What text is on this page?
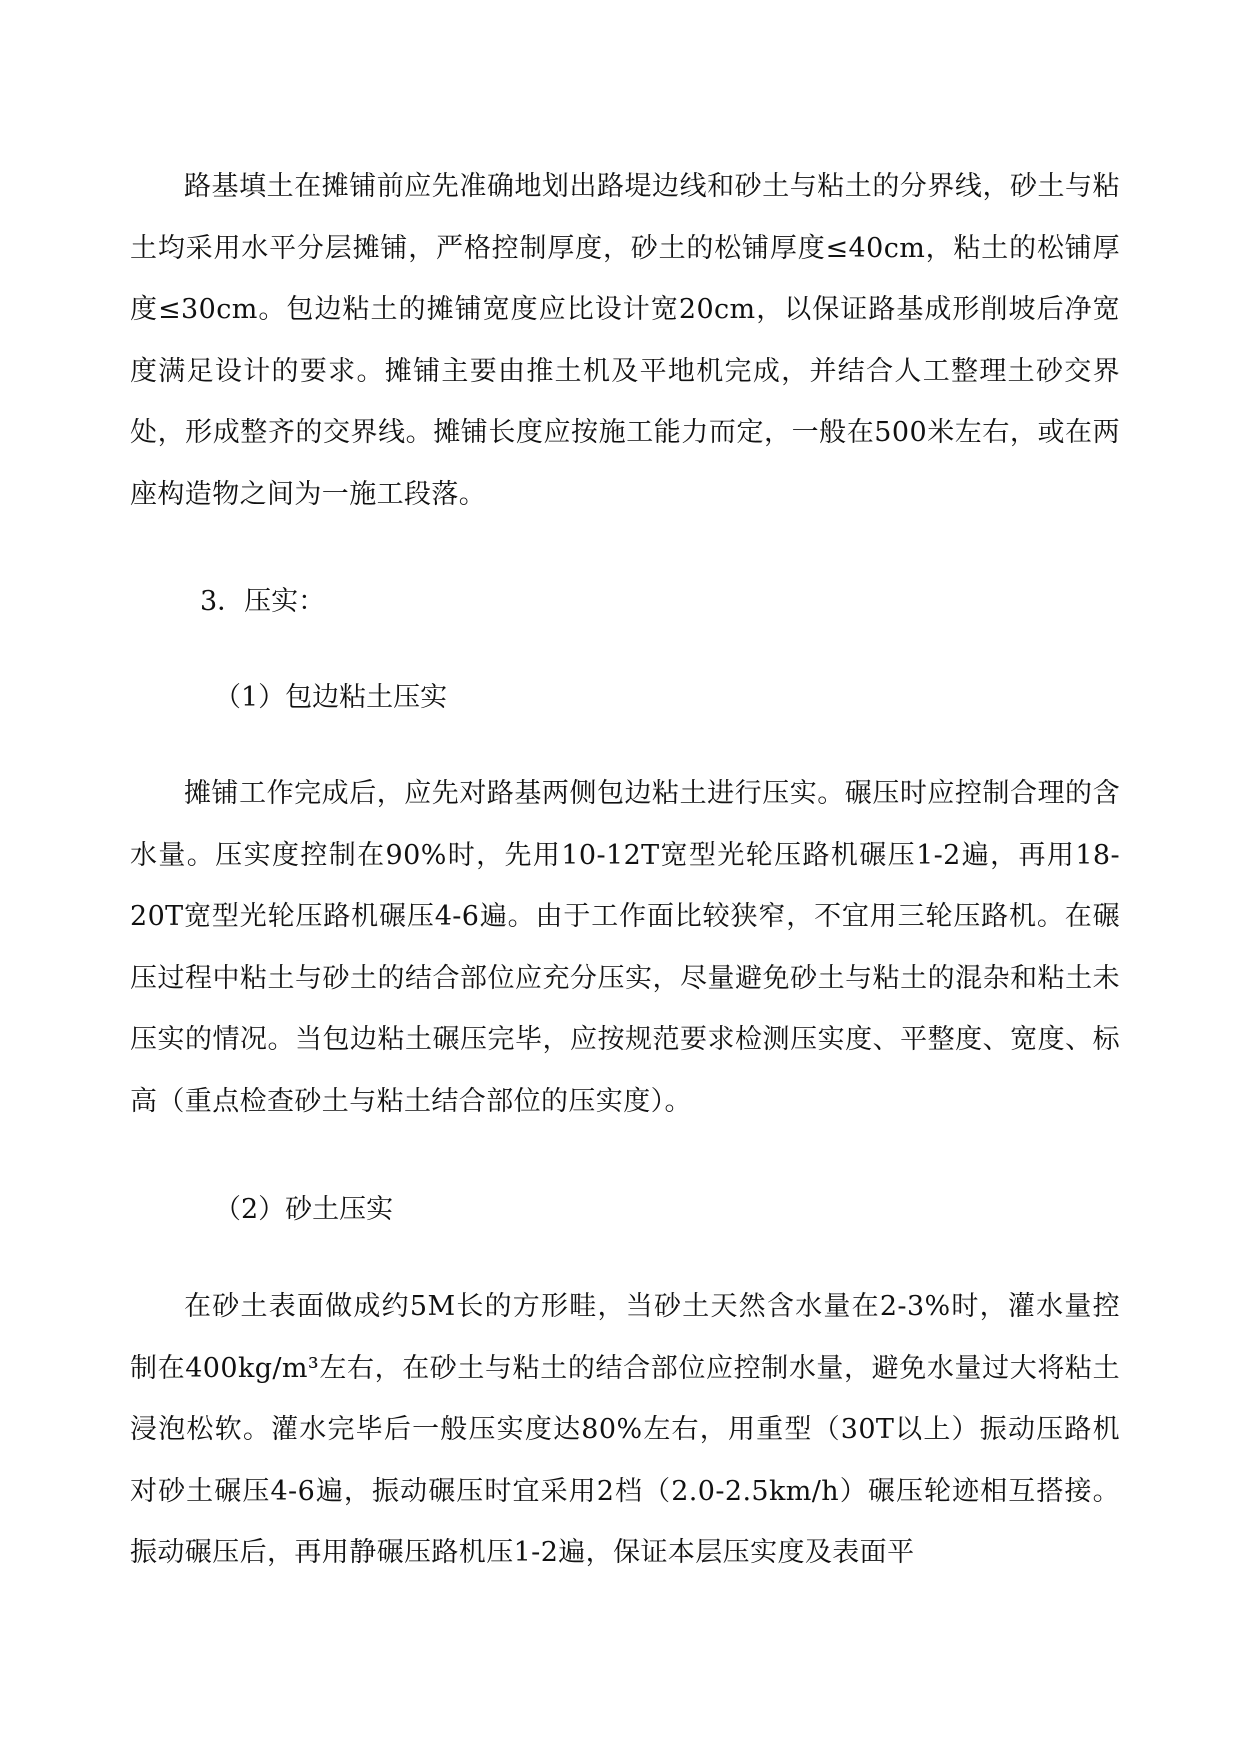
路基填土在摊铺前应先准确地划出路堤边线和砂土与粘土的分界线，砂土与粘土均采用水平分层摊铺，严格控制厚度，砂土的松铺厚度≤40cm，粘土的松铺厚度≤30cm。包边粘土的摊铺宽度应比设计宽20cm，以保证路基成形削坡后净宽度满足设计的要求。摊铺主要由推土机及平地机完成，并结合人工整理土砂交界处，形成整齐的交界线。摊铺长度应按施工能力而定，一般在500米左右，或在两座构造物之间为一施工段落。

3．压实：

（1）包边粘土压实

摊铺工作完成后，应先对路基两侧包边粘土进行压实。碾压时应控制合理的含水量。压实度控制在90%时，先用10-12T宽型光轮压路机碾压1-2遍，再用18-20T宽型光轮压路机碾压4-6遍。由于工作面比较狭窄，不宜用三轮压路机。在碾压过程中粘土与砂土的结合部位应充分压实，尽量避免砂土与粘土的混杂和粘土未压实的情况。当包边粘土碾压完毕，应按规范要求检测压实度、平整度、宽度、标高（重点检查砂土与粘土结合部位的压实度）。

（2）砂土压实

在砂土表面做成约5M长的方形畦，当砂土天然含水量在2-3%时，灌水量控制在400kg/m³左右，在砂土与粘土的结合部位应控制水量，避免水量过大将粘土浸泡松软。灌水完毕后一般压实度达80%左右，用重型（30T以上）振动压路机对砂土碾压4-6遍，振动碾压时宜采用2档（2.0-2.5km/h）碾压轮迹相互搭接。振动碾压后，再用静碾压路机压1-2遍，保证本层压实度及表面平
